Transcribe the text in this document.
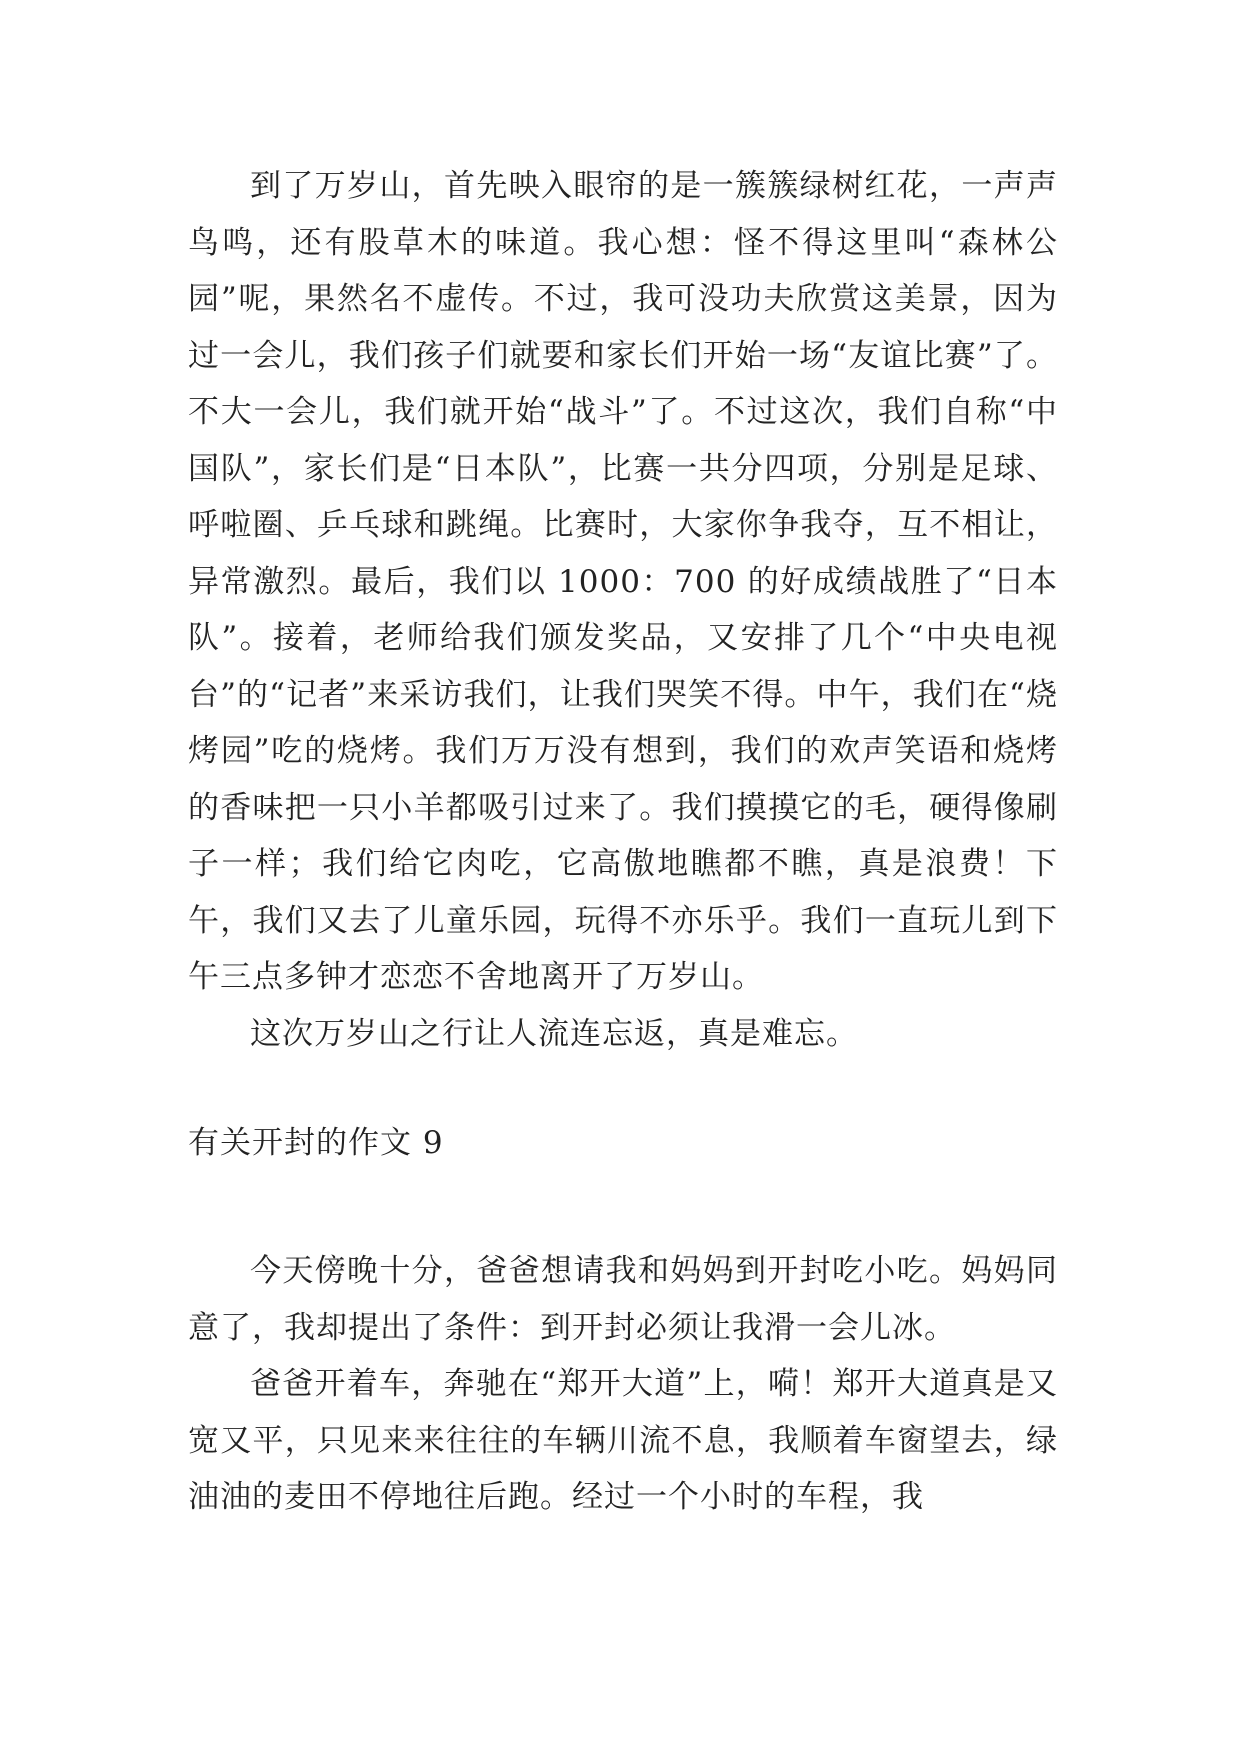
到了万岁山，首先映入眼帘的是一簇簇绿树红花，一声声鸟鸣，还有股草木的味道。我心想：怪不得这里叫“森林公园”呢，果然名不虚传。不过，我可没功夫欣赏这美景，因为过一会儿，我们孩子们就要和家长们开始一场“友谊比赛”了。不大一会儿，我们就开始“战斗”了。不过这次，我们自称“中国队”，家长们是“日本队”，比赛一共分四项，分别是足球、呼啦圈、乒乓球和跳绳。比赛时，大家你争我夺，互不相让，异常激烈。最后，我们以 1000：700 的好成绩战胜了“日本队”。接着，老师给我们颁发奖品，又安排了几个“中央电视台”的“记者”来采访我们，让我们哭笑不得。中午，我们在“烧烤园”吃的烧烤。我们万万没有想到，我们的欢声笑语和烧烤的香味把一只小羊都吸引过来了。我们摸摸它的毛，硬得像刷子一样；我们给它肉吃，它高傲地瞧都不瞧，真是浪费！下午，我们又去了儿童乐园，玩得不亦乐乎。我们一直玩儿到下午三点多钟才恋恋不舍地离开了万岁山。

这次万岁山之行让人流连忘返，真是难忘。

有关开封的作文 9

今天傍晚十分，爸爸想请我和妈妈到开封吃小吃。妈妈同意了，我却提出了条件：到开封必须让我滑一会儿冰。

爸爸开着车，奔驰在“郑开大道”上，嗬！郑开大道真是又宽又平，只见来来往往的车辆川流不息，我顺着车窗望去，绿油油的麦田不停地往后跑。经过一个小时的车程，我
